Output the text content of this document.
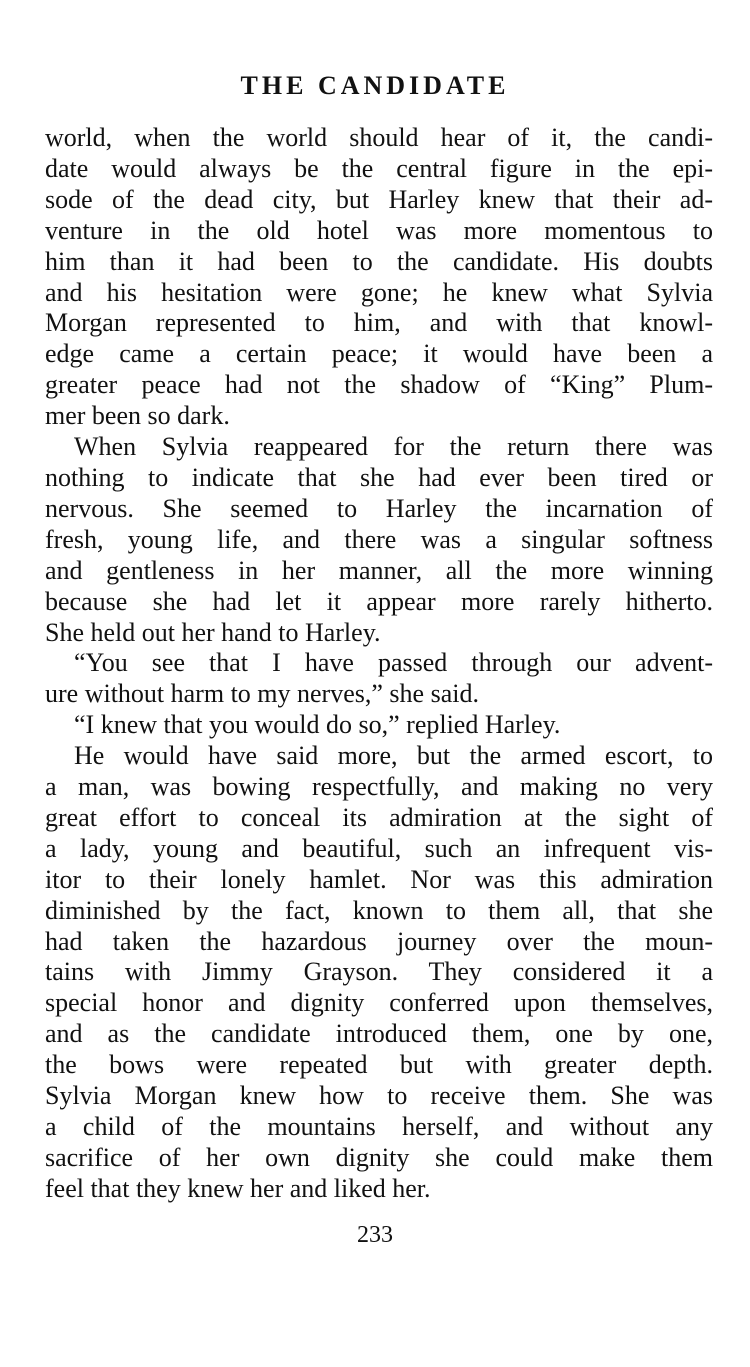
THE CANDIDATE
world, when the world should hear of it, the candi-
date would always be the central figure in the epi-
sode of the dead city, but Harley knew that their ad-
venture in the old hotel was more momentous to
him than it had been to the candidate. His doubts
and his hesitation were gone; he knew what Sylvia
Morgan represented to him, and with that knowl-
edge came a certain peace; it would have been a
greater peace had not the shadow of “King” Plum-
mer been so dark.
When Sylvia reappeared for the return there was
nothing to indicate that she had ever been tired or
nervous. She seemed to Harley the incarnation of
fresh, young life, and there was a singular softness
and gentleness in her manner, all the more winning
because she had let it appear more rarely hitherto.
She held out her hand to Harley.
“You see that I have passed through our advent-
ure without harm to my nerves,” she said.
“I knew that you would do so,” replied Harley.
He would have said more, but the armed escort, to
a man, was bowing respectfully, and making no very
great effort to conceal its admiration at the sight of
a lady, young and beautiful, such an infrequent vis-
itor to their lonely hamlet. Nor was this admiration
diminished by the fact, known to them all, that she
had taken the hazardous journey over the moun-
tains with Jimmy Grayson. They considered it a
special honor and dignity conferred upon themselves,
and as the candidate introduced them, one by one,
the bows were repeated but with greater depth.
Sylvia Morgan knew how to receive them. She was
a child of the mountains herself, and without any
sacrifice of her own dignity she could make them
feel that they knew her and liked her.
233
